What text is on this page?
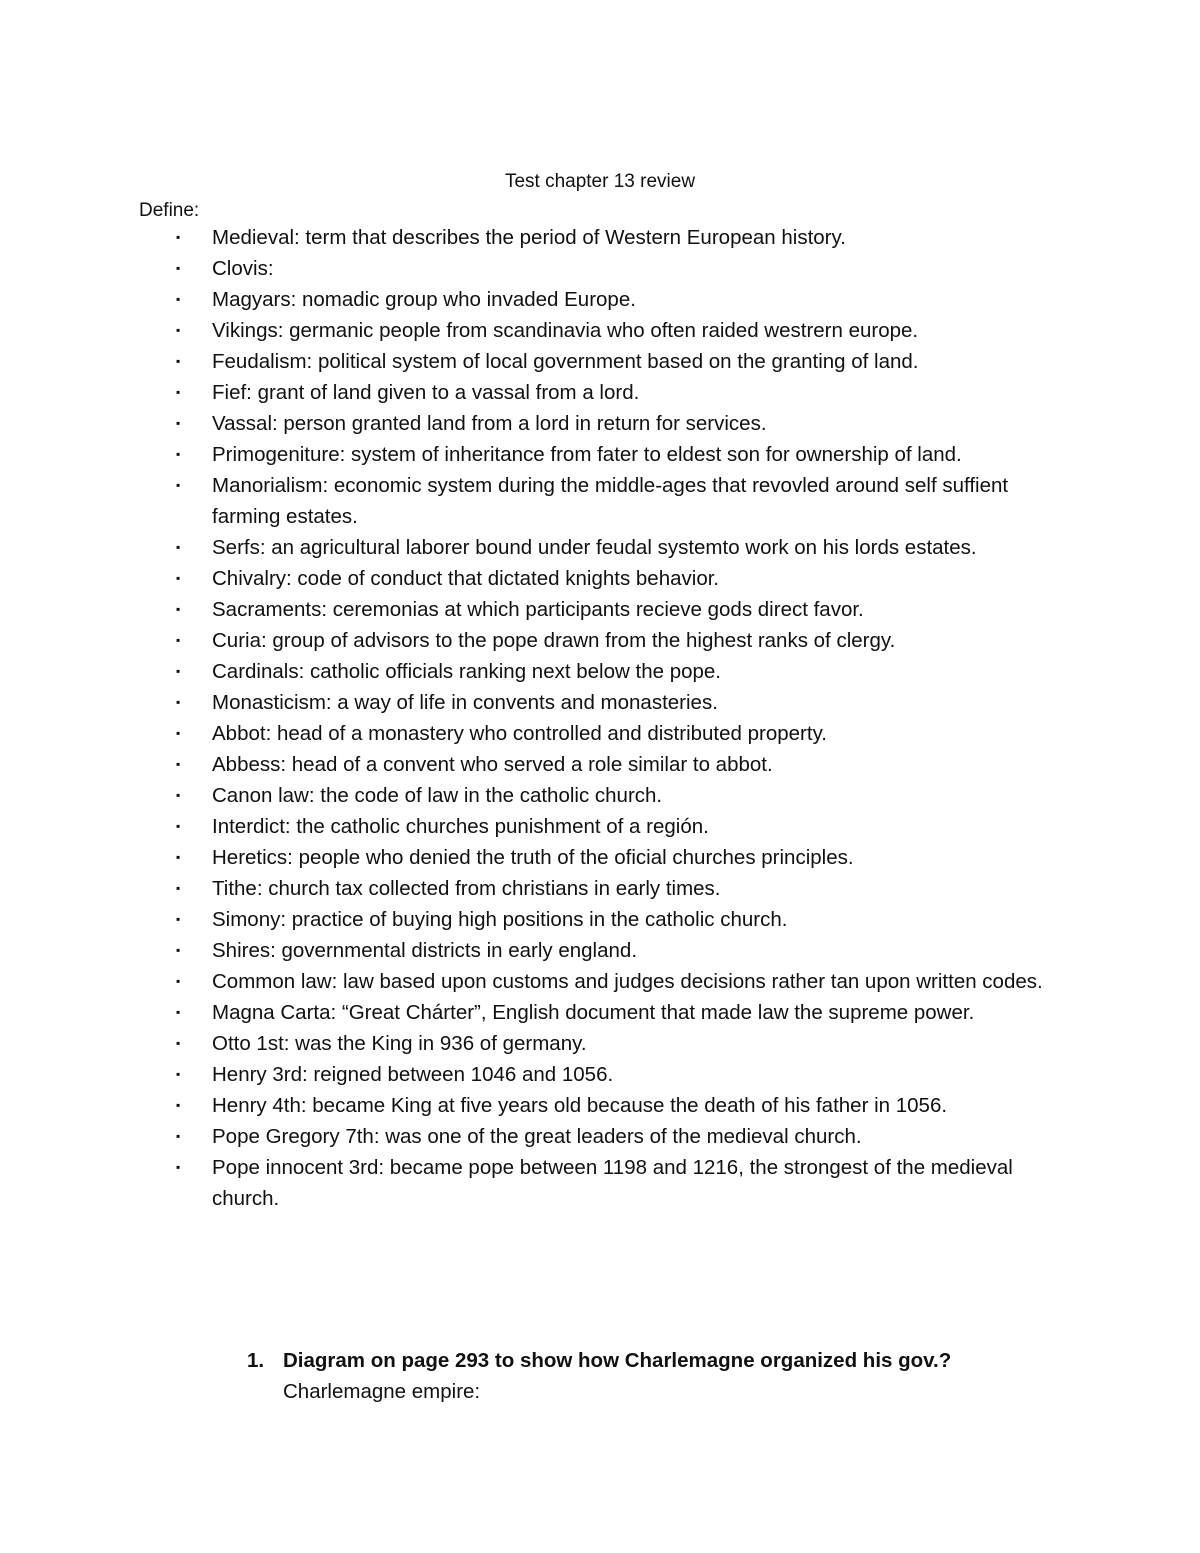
Test chapter 13 review
Define:
▪ Medieval: term that describes the period of Western European history.
▪ Clovis:
▪ Magyars: nomadic group who invaded Europe.
▪ Vikings: germanic people from scandinavia who often raided westrern europe.
▪ Feudalism: political system of local government based on the granting of land.
▪ Fief: grant of land given to a vassal from a lord.
▪ Vassal: person granted land from a lord in return for services.
▪ Primogeniture: system of inheritance from fater to eldest son for ownership of land.
▪ Manorialism: economic system during the middle-ages that revovled around self suffient farming estates.
▪ Serfs: an agricultural laborer bound under feudal systemto work on his lords estates.
▪ Chivalry: code of conduct that dictated knights behavior.
▪ Sacraments: ceremonias at which participants recieve gods direct favor.
▪ Curia: group of advisors to the pope drawn from the highest ranks of clergy.
▪ Cardinals: catholic officials ranking next below the pope.
▪ Monasticism: a way of life in convents and monasteries.
▪ Abbot: head of a monastery who controlled and distributed property.
▪ Abbess: head of a convent who served a role similar to abbot.
▪ Canon law: the code of law in the catholic church.
▪ Interdict: the catholic churches punishment of a región.
▪ Heretics: people who denied the truth of the oficial churches principles.
▪ Tithe: church tax collected from christians in early times.
▪ Simony: practice of buying high positions in the catholic church.
▪ Shires: governmental districts in early england.
▪ Common law: law based upon customs and judges decisions rather tan upon written codes.
▪ Magna Carta: “Great Chárter”, English document that made law the supreme power.
▪ Otto 1st: was the King in 936 of germany.
▪ Henry 3rd: reigned between 1046 and 1056.
▪ Henry 4th: became King at five years old because the death of his father in 1056.
▪ Pope Gregory 7th: was one of the great leaders of the medieval church.
▪ Pope innocent 3rd: became pope between 1198 and 1216, the strongest of the medieval church.
1. Diagram on page 293 to show how Charlemagne organized his gov.?
Charlemagne empire:
